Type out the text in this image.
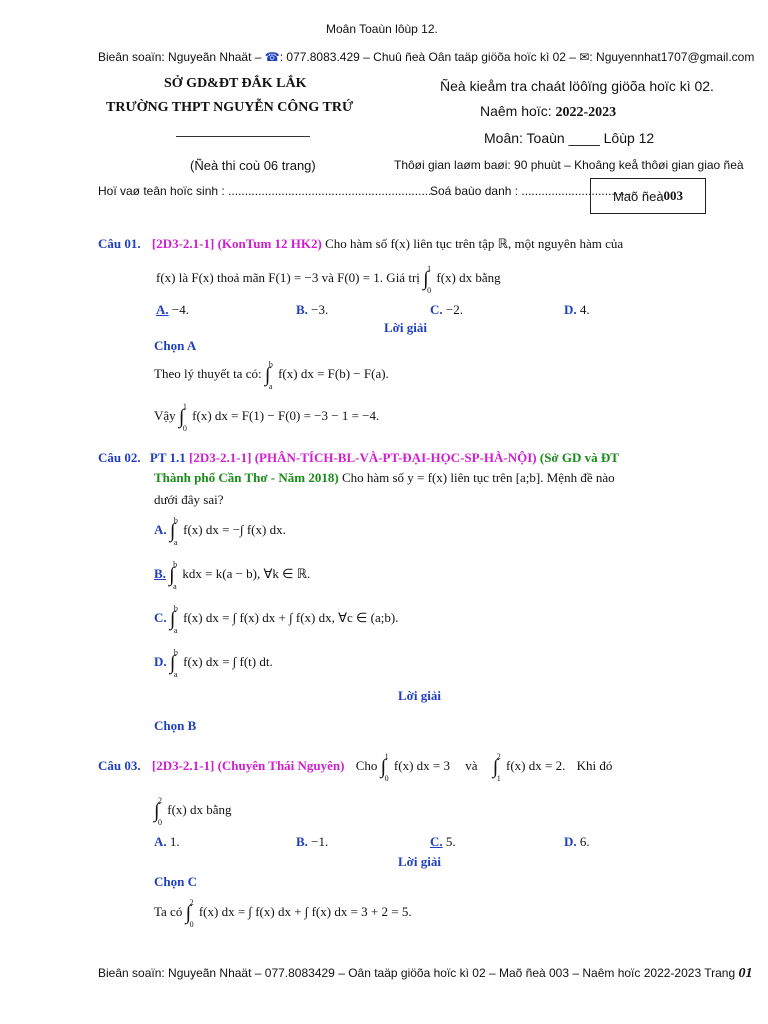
Moân Toaùn lôùp 12.
Bieân soaïn: Nguyeãn Nhaät – ☎: 077.8083.429 – Chuû ñeà Oân taäp giöõa hoïc kì 02 – ✉: Nguyennhat1707@gmail.com
SỞ GD&ĐT ĐẮK LẮK
TRƯỜNG THPT NGUYỄN CÔNG TRỨ
(Ñeà thi coù 06 trang)
Ñeà kieåm tra chaát löôïng giöõa hoïc kì 02.
Naêm hoïc: 2022-2023
Moân: Toaùn ____ Lôùp 12
Thôøi gian laøm baøi: 90 phuùt – Khoâng keå thôøi gian giao ñeà
Hoï vaø teân hoïc sinh : ..............................................................
Soá baùo danh : ..................................
Maõ ñeà 003
Câu 01. [2D3-2.1-1] (KonTum 12 HK2) Cho hàm số f(x) liên tục trên tập ℝ, một nguyên hàm của
f(x) là F(x) thoả mãn F(1) = −3 và F(0) = 1. Giá trị ∫
1
0
f(x) dx bằng
A. −4.	B. −3.	C. −2.	D. 4.
Lời giải
Chọn A
Theo lý thuyết ta có: ∫
b
a
f(x) dx = F(b) − F(a).
Vậy ∫
1
0
f(x) dx = F(1) − F(0) = −3 − 1 = −4.
Câu 02. PT 1.1 [2D3-2.1-1] (PHÂN-TÍCH-BL-VÀ-PT-ĐẠI-HỌC-SP-HÀ-NỘI) (Sở GD và ĐT
Thành phố Cần Thơ - Năm 2018) Cho hàm số y = f(x) liên tục trên [a;b]. Mệnh đề nào
dưới đây sai?
A. ∫
b
a
f(x) dx = −∫ f(x) dx.
B. ∫
b
a
kdx = k(a − b), ∀k ∈ ℝ.
C. ∫
b
a
f(x) dx = ∫ f(x) dx + ∫ f(x) dx, ∀c ∈ (a;b).
D. ∫
b
a
f(x) dx = ∫ f(t) dt.
Lời giải
Chọn B
Câu 03. [2D3-2.1-1] (Chuyên Thái Nguyên) Cho ∫
1
0
f(x) dx = 3 và ∫
2
1
f(x) dx = 2. Khi đó
∫
2
0
f(x) dx bằng
A. 1.	B. −1.	C. 5.	D. 6.
Lời giải
Chọn C
Ta có ∫
2
0
f(x) dx = ∫ f(x) dx + ∫ f(x) dx = 3 + 2 = 5.
Bieân soaïn: Nguyeãn Nhaät – 077.8083429 – Oân taäp giöõa hoïc kì 02 – Maõ ñeà 003 – Naêm hoïc 2022-2023 Trang 01
